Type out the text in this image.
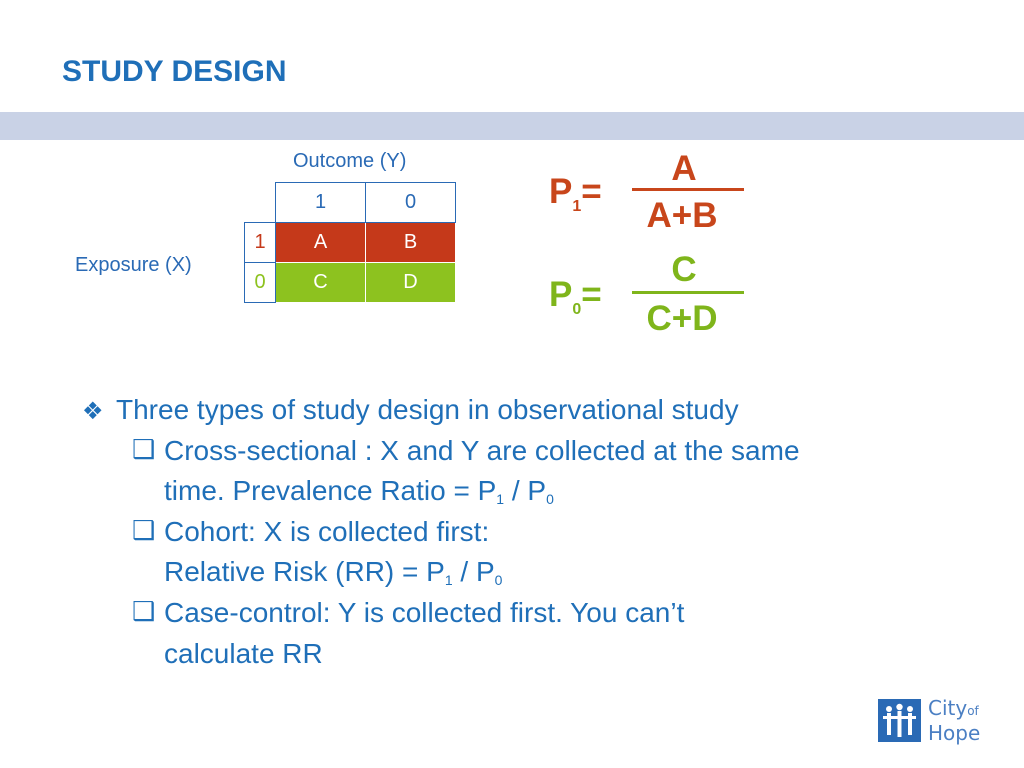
STUDY DESIGN
Outcome (Y)
Exposure (X)
	1	0
1	A	B
0	C	D
$P_1=$
A
A+B
$P_0=$
C
C+D
❖ Three types of study design in observational study
❑ Cross-sectional : X and Y are collected at the same
time. Prevalence Ratio = $P_1 / P_0$
❑ Cohort: X is collected first:
Relative Risk $(RR) = P_1 / P_0$
❑ Case-control: Y is collected first. You can’t
calculate RR
Cityof
Hope
